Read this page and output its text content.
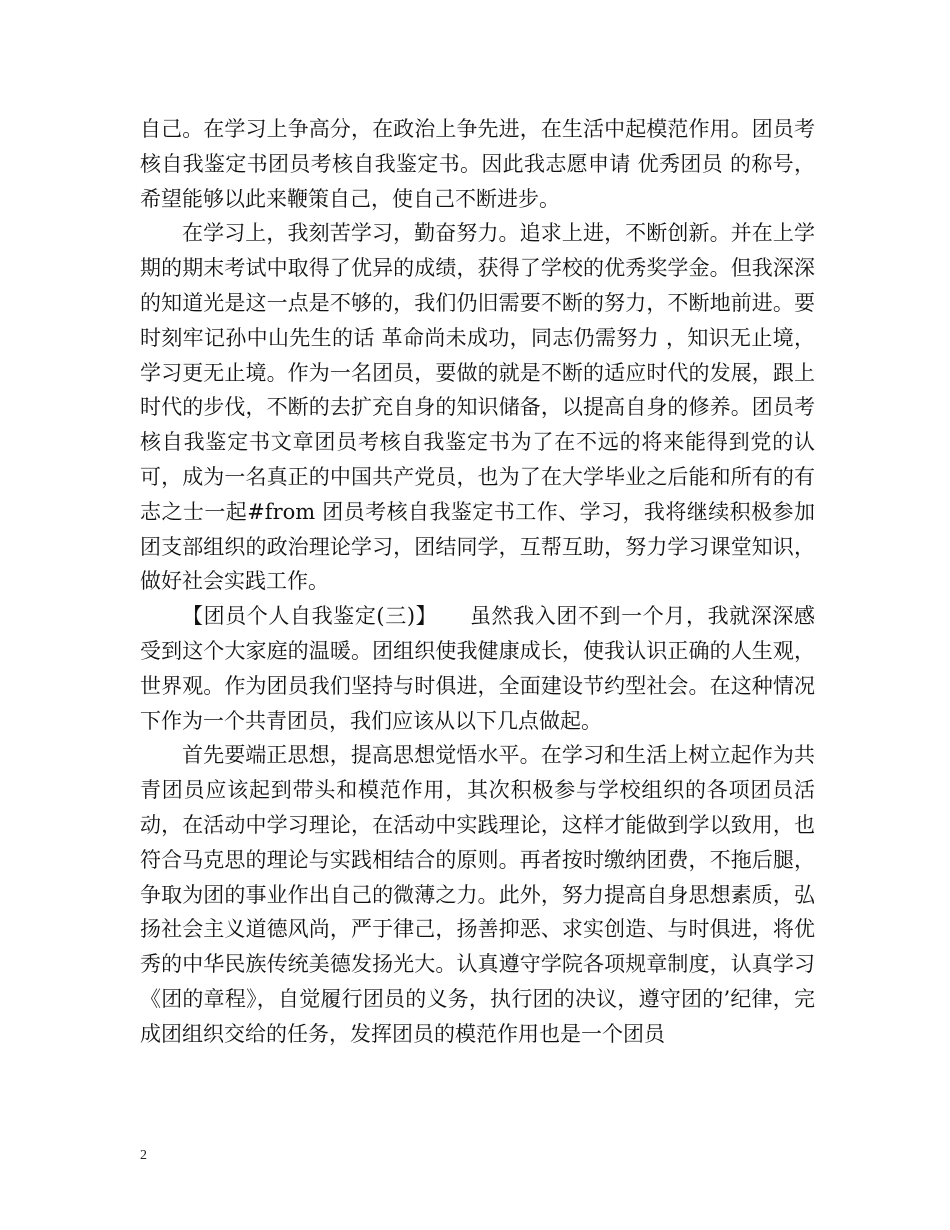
自己。在学习上争高分，在政治上争先进，在生活中起模范作用。团员考核自我鉴定书团员考核自我鉴定书。因此我志愿申请 优秀团员 的称号，希望能够以此来鞭策自己，使自己不断进步。

在学习上，我刻苦学习，勤奋努力。追求上进，不断创新。并在上学期的期末考试中取得了优异的成绩，获得了学校的优秀奖学金。但我深深的知道光是这一点是不够的，我们仍旧需要不断的努力，不断地前进。要时刻牢记孙中山先生的话 革命尚未成功，同志仍需努力 ，知识无止境，学习更无止境。作为一名团员，要做的就是不断的适应时代的发展，跟上时代的步伐，不断的去扩充自身的知识储备，以提高自身的修养。团员考核自我鉴定书文章团员考核自我鉴定书为了在不远的将来能得到党的认可，成为一名真正的中国共产党员，也为了在大学毕业之后能和所有的有志之士一起#from 团员考核自我鉴定书工作、学习，我将继续积极参加团支部组织的政治理论学习，团结同学，互帮互助，努力学习课堂知识，做好社会实践工作。

【团员个人自我鉴定(三)】　　虽然我入团不到一个月，我就深深感受到这个大家庭的温暖。团组织使我健康成长，使我认识正确的人生观，世界观。作为团员我们坚持与时俱进，全面建设节约型社会。在这种情况下作为一个共青团员，我们应该从以下几点做起。

首先要端正思想，提高思想觉悟水平。在学习和生活上树立起作为共青团员应该起到带头和模范作用，其次积极参与学校组织的各项团员活动，在活动中学习理论，在活动中实践理论，这样才能做到学以致用，也符合马克思的理论与实践相结合的原则。再者按时缴纳团费，不拖后腿，争取为团的事业作出自己的微薄之力。此外，努力提高自身思想素质，弘扬社会主义道德风尚，严于律己，扬善抑恶、求实创造、与时俱进，将优秀的中华民族传统美德发扬光大。认真遵守学院各项规章制度，认真学习《团的章程》，自觉履行团员的义务，执行团的决议，遵守团的’纪律，完成团组织交给的任务，发挥团员的模范作用也是一个团员

2
